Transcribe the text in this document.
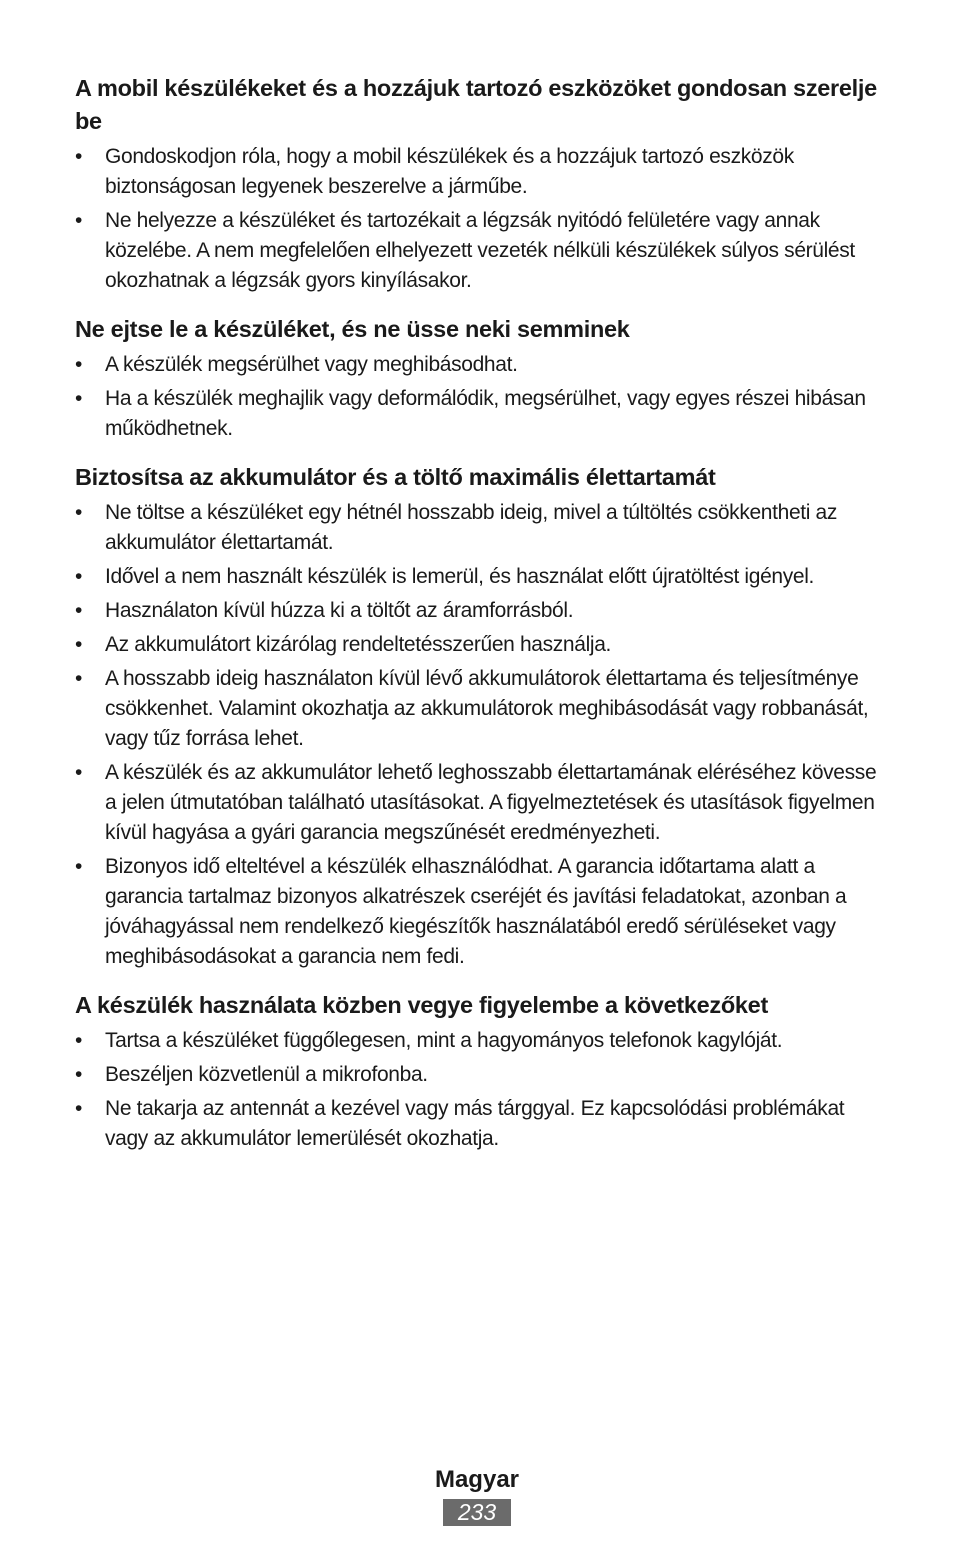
A mobil készülékeket és a hozzájuk tartozó eszközöket gondosan szerelje be
• Gondoskodjon róla, hogy a mobil készülékek és a hozzájuk tartozó eszközök biztonságosan legyenek beszerelve a járműbe.
• Ne helyezze a készüléket és tartozékait a légzsák nyitódó felületére vagy annak közelébe. A nem megfelelően elhelyezett vezeték nélküli készülékek súlyos sérülést okozhatnak a légzsák gyors kinyílásakor.
Ne ejtse le a készüléket, és ne üsse neki semminek
• A készülék megsérülhet vagy meghibásodhat.
• Ha a készülék meghajlik vagy deformálódik, megsérülhet, vagy egyes részei hibásan működhetnek.
Biztosítsa az akkumulátor és a töltő maximális élettartamát
• Ne töltse a készüléket egy hétnél hosszabb ideig, mivel a túltöltés csökkentheti az akkumulátor élettartamát.
• Idővel a nem használt készülék is lemerül, és használat előtt újratöltést igényel.
• Használaton kívül húzza ki a töltőt az áramforrásból.
• Az akkumulátort kizárólag rendeltetésszerűen használja.
• A hosszabb ideig használaton kívül lévő akkumulátorok élettartama és teljesítménye csökkenhet. Valamint okozhatja az akkumulátorok meghibásodását vagy robbanását, vagy tűz forrása lehet.
• A készülék és az akkumulátor lehető leghosszabb élettartamának eléréséhez kövesse a jelen útmutatóban található utasításokat. A figyelmeztetések és utasítások figyelmen kívül hagyása a gyári garancia megszűnését eredményezheti.
• Bizonyos idő elteltével a készülék elhasználódhat. A garancia időtartama alatt a garancia tartalmaz bizonyos alkatrészek cseréjét és javítási feladatokat, azonban a jóváhagyással nem rendelkező kiegészítők használatából eredő sérüléseket vagy meghibásodásokat a garancia nem fedi.
A készülék használata közben vegye figyelembe a következőket
• Tartsa a készüléket függőlegesen, mint a hagyományos telefonok kagylóját.
• Beszéljen közvetlenül a mikrofonba.
• Ne takarja az antennát a kezével vagy más tárggyal. Ez kapcsolódási problémákat vagy az akkumulátor lemerülését okozhatja.
Magyar
233
